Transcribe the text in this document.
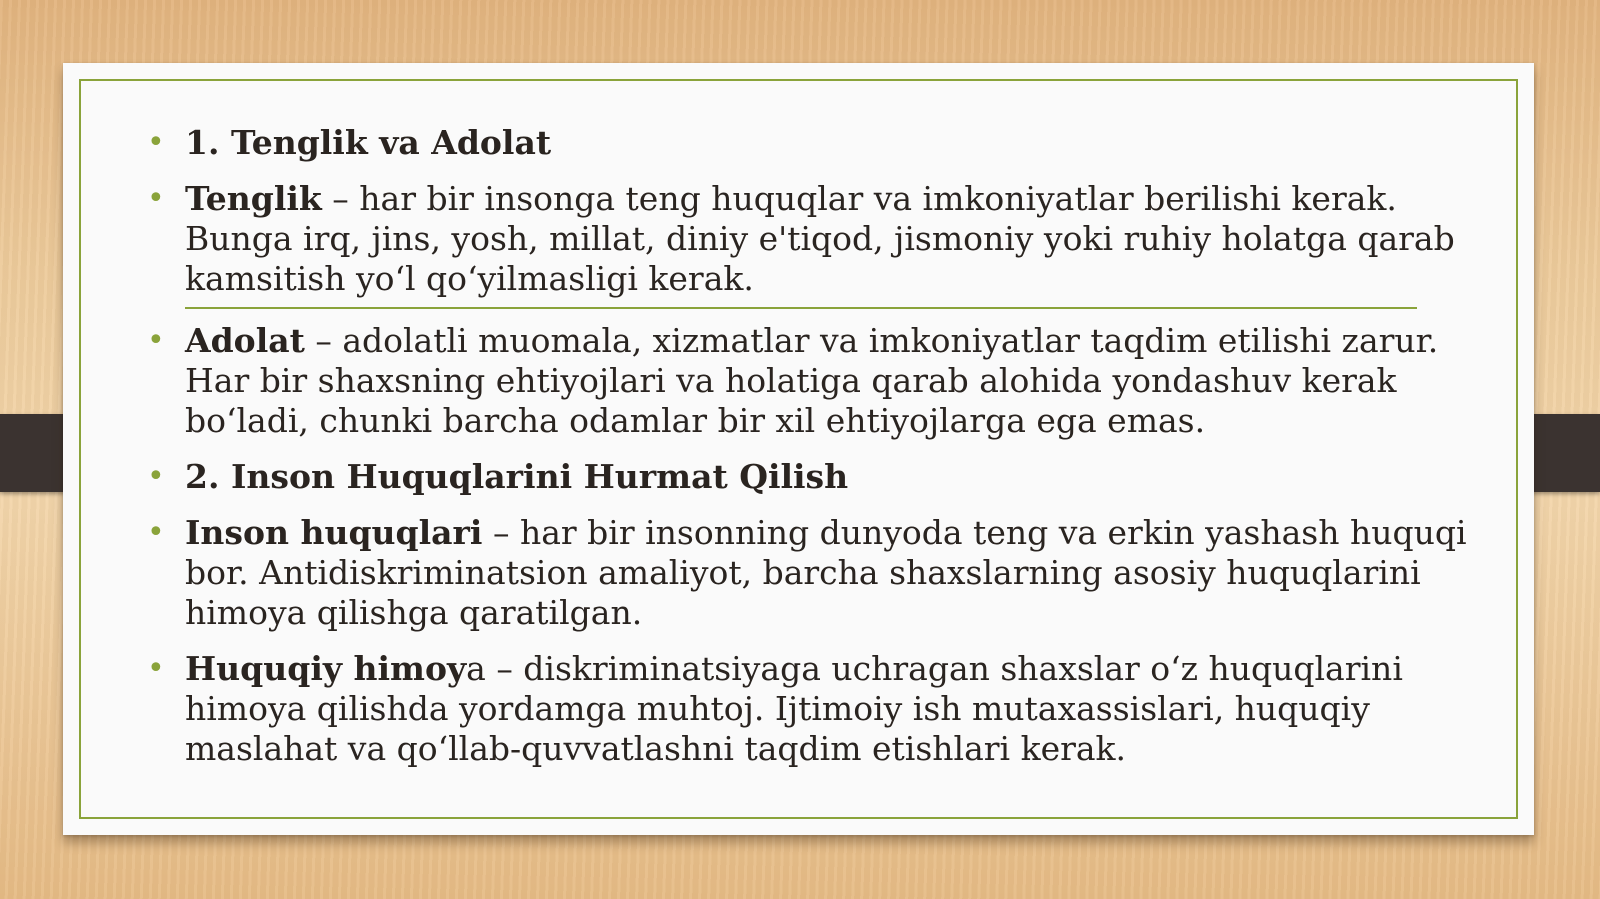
• 1. Tenglik va Adolat
• Tenglik – har bir insonga teng huquqlar va imkoniyatlar berilishi kerak. Bunga irq, jins, yosh, millat, diniy e'tiqod, jismoniy yoki ruhiy holatga qarab kamsitish yo‘l qo‘yilmasligi kerak.
• Adolat – adolatli muomala, xizmatlar va imkoniyatlar taqdim etilishi zarur. Har bir shaxsning ehtiyojlari va holatiga qarab alohida yondashuv kerak bo‘ladi, chunki barcha odamlar bir xil ehtiyojlarga ega emas.
• 2. Inson Huquqlarini Hurmat Qilish
• Inson huquqlari – har bir insonning dunyoda teng va erkin yashash huquqi bor. Antidiskriminatsion amaliyot, barcha shaxslarning asosiy huquqlarini himoya qilishga qaratilgan.
• Huquqiy himoya – diskriminatsiyaga uchragan shaxslar o‘z huquqlarini himoya qilishda yordamga muhtoj. Ijtimoiy ish mutaxassislari, huquqiy maslahat va qo‘llab-quvvatlashni taqdim etishlari kerak.
